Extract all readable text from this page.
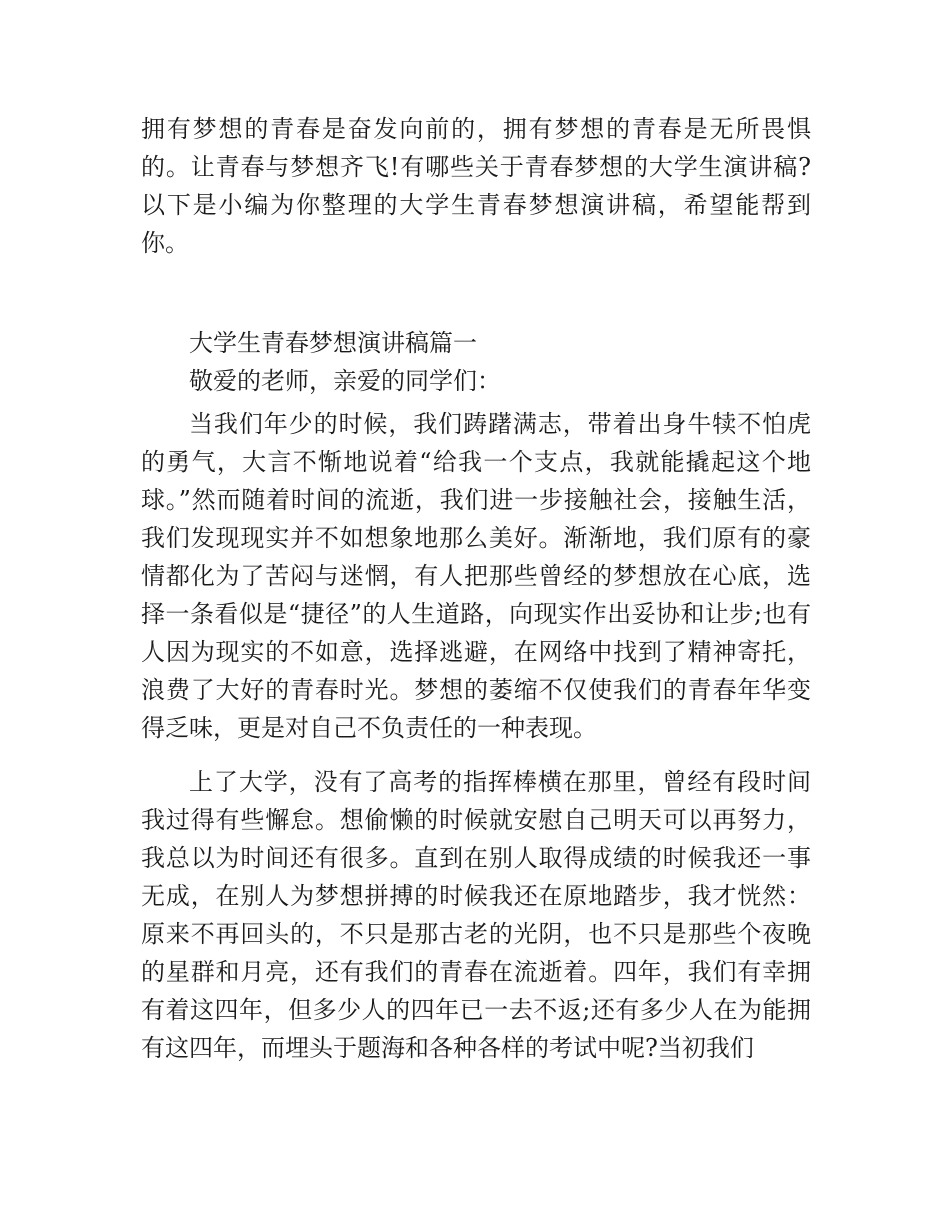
拥有梦想的青春是奋发向前的，拥有梦想的青春是无所畏惧的。让青春与梦想齐飞!有哪些关于青春梦想的大学生演讲稿?以下是小编为你整理的大学生青春梦想演讲稿，希望能帮到你。

大学生青春梦想演讲稿篇一

敬爱的老师，亲爱的同学们：

当我们年少的时候，我们踌躇满志，带着出身牛犊不怕虎的勇气，大言不惭地说着“给我一个支点，我就能撬起这个地球。”然而随着时间的流逝，我们进一步接触社会，接触生活，我们发现现实并不如想象地那么美好。渐渐地，我们原有的豪情都化为了苦闷与迷惘，有人把那些曾经的梦想放在心底，选择一条看似是“捷径”的人生道路，向现实作出妥协和让步;也有人因为现实的不如意，选择逃避，在网络中找到了精神寄托，浪费了大好的青春时光。梦想的萎缩不仅使我们的青春年华变得乏味，更是对自己不负责任的一种表现。

上了大学，没有了高考的指挥棒横在那里，曾经有段时间我过得有些懈怠。想偷懒的时候就安慰自己明天可以再努力，我总以为时间还有很多。直到在别人取得成绩的时候我还一事无成，在别人为梦想拼搏的时候我还在原地踏步，我才恍然：原来不再回头的，不只是那古老的光阴，也不只是那些个夜晚的星群和月亮，还有我们的青春在流逝着。四年，我们有幸拥有着这四年，但多少人的四年已一去不返;还有多少人在为能拥有这四年，而埋头于题海和各种各样的考试中呢?当初我们
